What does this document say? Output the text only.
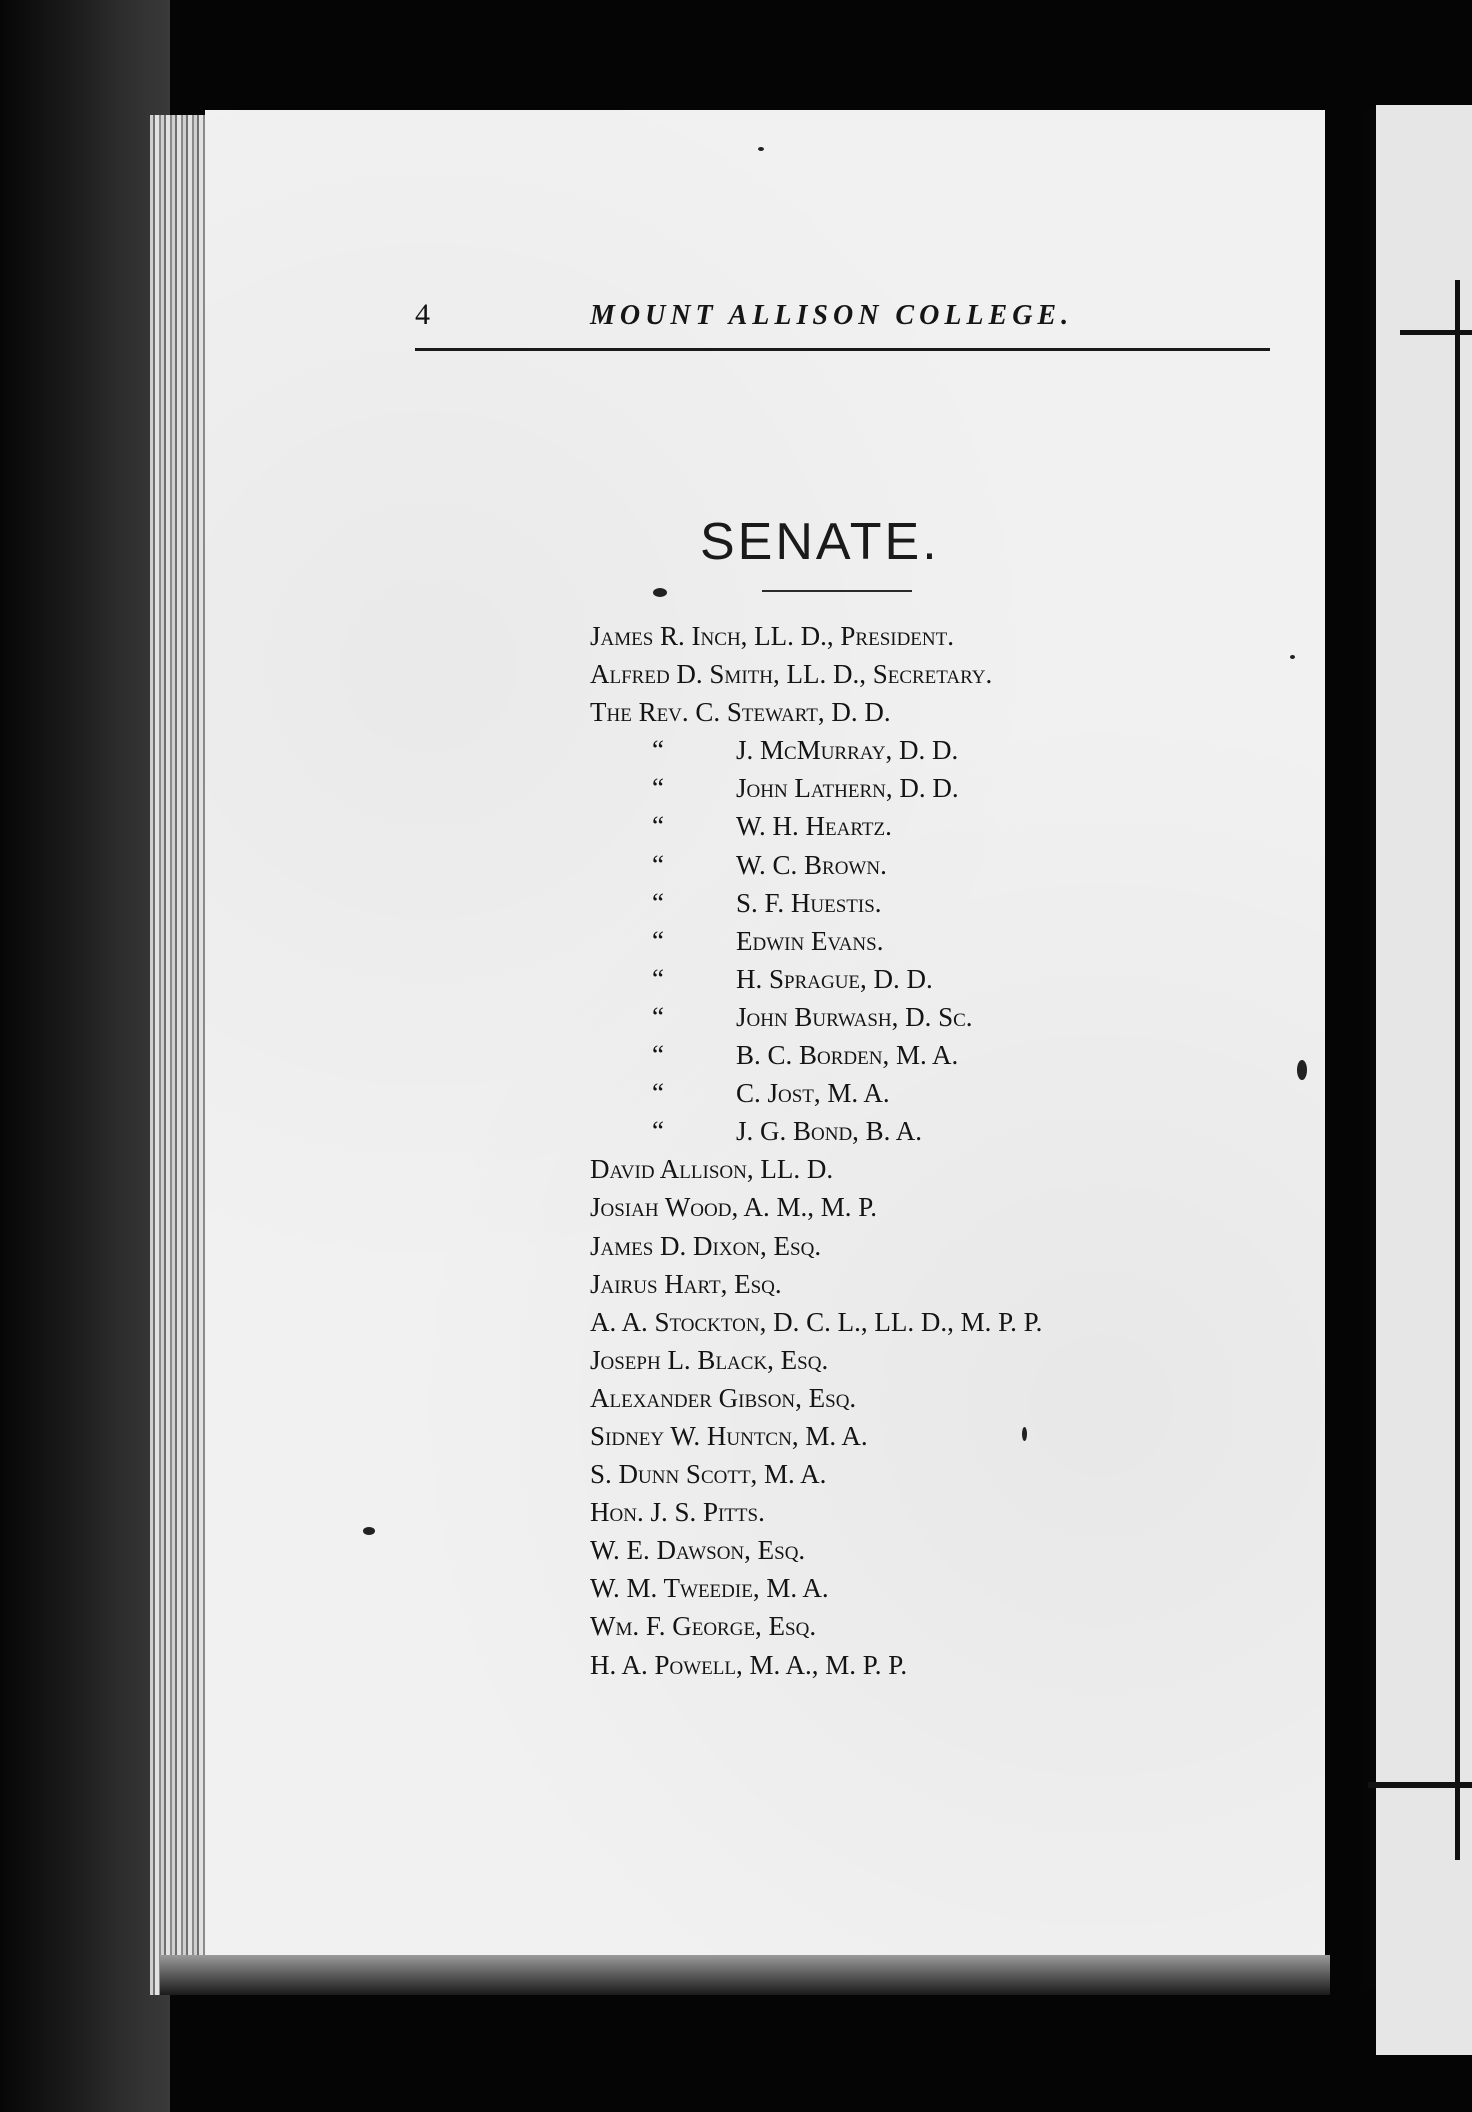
4	MOUNT ALLISON COLLEGE.
SENATE.
James R. Inch, LL. D., President.
Alfred D. Smith, LL. D., Secretary.
The Rev. C. Stewart, D. D.
“	J. McMurray, D. D.
“	John Lathern, D. D.
“	W. H. Heartz.
“	W. C. Brown.
“	S. F. Huestis.
“	Edwin Evans.
“	H. Sprague, D. D.
“	John Burwash, D. Sc.
“	B. C. Borden, M. A.
“	C. Jost, M. A.
“	J. G. Bond, B. A.
David Allison, LL. D.
Josiah Wood, A. M., M. P.
James D. Dixon, Esq.
Jairus Hart, Esq.
A. A. Stockton, D. C. L., LL. D., M. P. P.
Joseph L. Black, Esq.
Alexander Gibson, Esq.
Sidney W. Huntcn, M. A.
S. Dunn Scott, M. A.
Hon. J. S. Pitts.
W. E. Dawson, Esq.
W. M. Tweedie, M. A.
Wm. F. George, Esq.
H. A. Powell, M. A., M. P. P.
